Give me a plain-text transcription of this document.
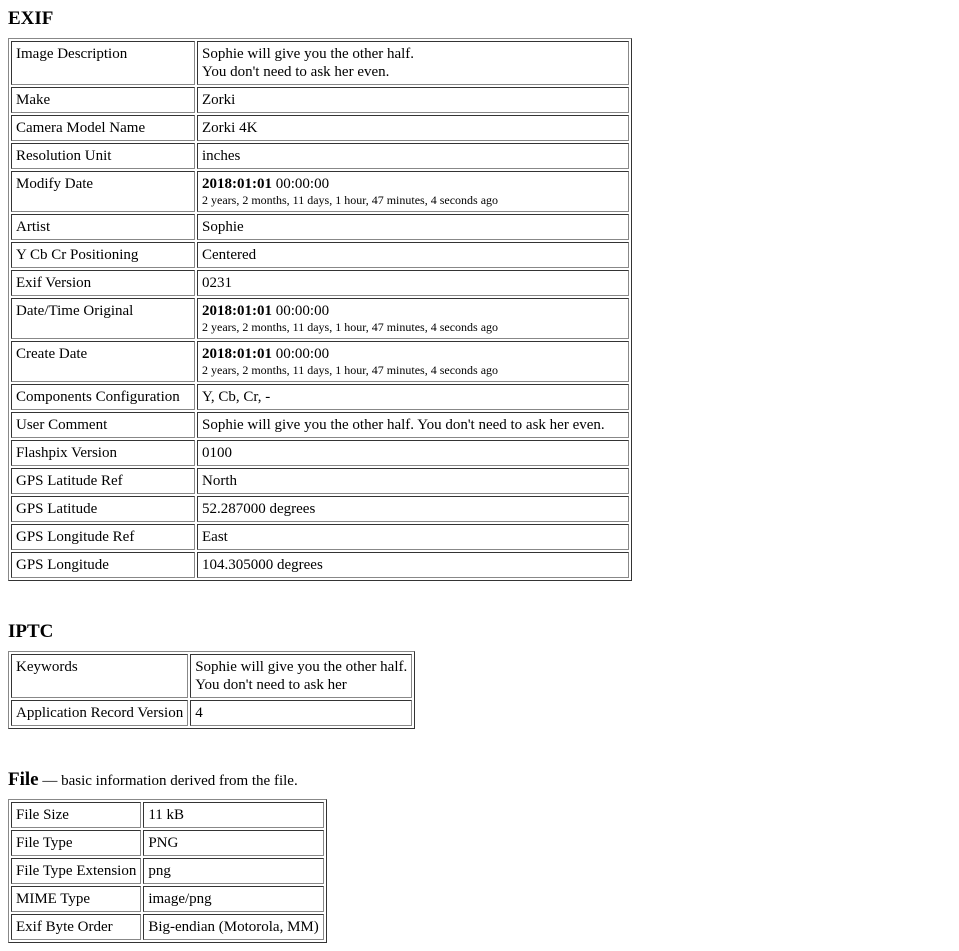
EXIF
Image Description	Sophie will give you the other half.
You don't need to ask her even.
Make	Zorki
Camera Model Name	Zorki 4K
Resolution Unit	inches
Modify Date	2018:01:01 00:00:00
2 years, 2 months, 11 days, 1 hour, 47 minutes, 4 seconds ago

Artist	Sophie
Y Cb Cr Positioning	Centered
Exif Version	0231
Date/Time Original	2018:01:01 00:00:00
2 years, 2 months, 11 days, 1 hour, 47 minutes, 4 seconds ago

Create Date	2018:01:01 00:00:00
2 years, 2 months, 11 days, 1 hour, 47 minutes, 4 seconds ago

Components Configuration	Y, Cb, Cr, -
User Comment	Sophie will give you the other half. You don't need to ask her even.
Flashpix Version	0100
GPS Latitude Ref	North
GPS Latitude	52.287000 degrees
GPS Longitude Ref	East
GPS Longitude	104.305000 degrees
IPTC
Keywords	Sophie will give you the other half.
You don't need to ask her
Application Record Version	4
File — basic information derived from the file.
File Size	11 kB
File Type	PNG
File Type Extension	png
MIME Type	image/png
Exif Byte Order	Big-endian (Motorola, MM)
